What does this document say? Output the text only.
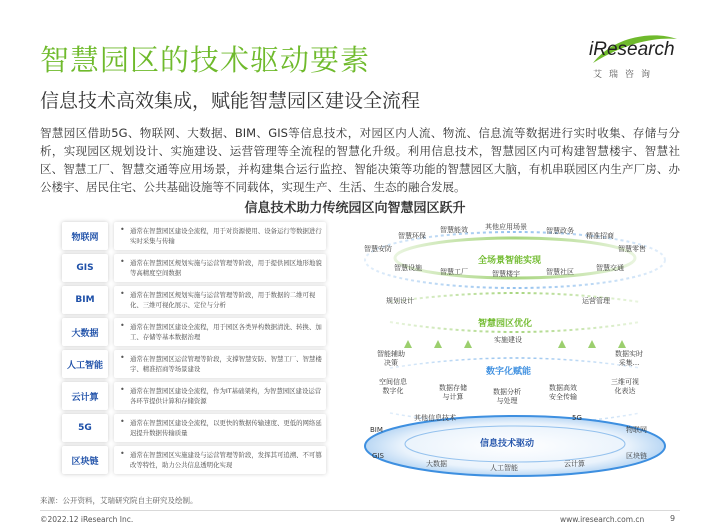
智慧园区的技术驱动要素
信息技术高效集成，赋能智慧园区建设全流程
iResearch
艾瑞咨询
智慧园区借助5G、物联网、大数据、BIM、GIS等信息技术，对园区内人流、物流、信息流等数据进行实时收集、存储与分析，实现园区规划设计、实施建设、运营管理等全流程的智慧化升级。利用信息技术，智慧园区内可构建智慧楼宇、智慧社区、智慧工厂、智慧交通等应用场景，并构建集合运行监控、智能决策等功能的智慧园区大脑，有机串联园区内生产厂房、办公楼宇、居民住宅、公共基础设施等不同载体，实现生产、生活、生态的融合发展。
信息技术助力传统园区向智慧园区跃升
物联网
• 通常在智慧园区建设全流程，用于对资源使用、设备运行等数据进行实时采集与传输
GIS	• 通常在智慧园区规划实施与运营管理等阶段，用于提供园区地形地貌等高精度空间数据
BIM	• 通常在智慧园区规划实施与运营管理等阶段，用于数据的二维可视化、三维可视化展示、定位与分析
大数据
• 通常在智慧园区建设全流程，用于园区各类异构数据清洗、转换、加工、存储等基本数据治理
人工智能
• 通常在智慧园区运营管理等阶段，支撑智慧安防、智慧工厂、智慧楼宇、精准招商等场景建设
云计算
• 通常在智慧园区建设全流程，作为IT基础架构，为智慧园区建设运营各环节提供计算和存储资源
5G	• 通常在智慧园区建设全流程，以更快的数据传输速度、更低的网络延迟提升数据传输质量
区块链
• 通常在智慧园区实施建设与运营管理等阶段，发挥其可追溯、不可篡改等特性，助力公共信息透明化实现
全场景智能实现
智慧环保
智慧能效 其他应用场景	智慧政务
精准招商
智慧安防	智慧零售
智慧设施	智慧工厂	智慧楼宇	智慧社区	智慧交通
规划设计	运营管理
智慧园区优化
实施建设
智能辅助决策
数据实时采集...
数字化赋能
空间信息数字化	数据存储与计算
数据分析与处理
数据高效安全传输
三维可视化表达
其他信息技术	5G
BIM	物联网
信息技术驱动
GIS	区块链
大数据	人工智能	云计算
来源：公开资料，艾瑞研究院自主研究及绘制。
©2022.12 iResearch Inc.	www.iresearch.com.cn	9
